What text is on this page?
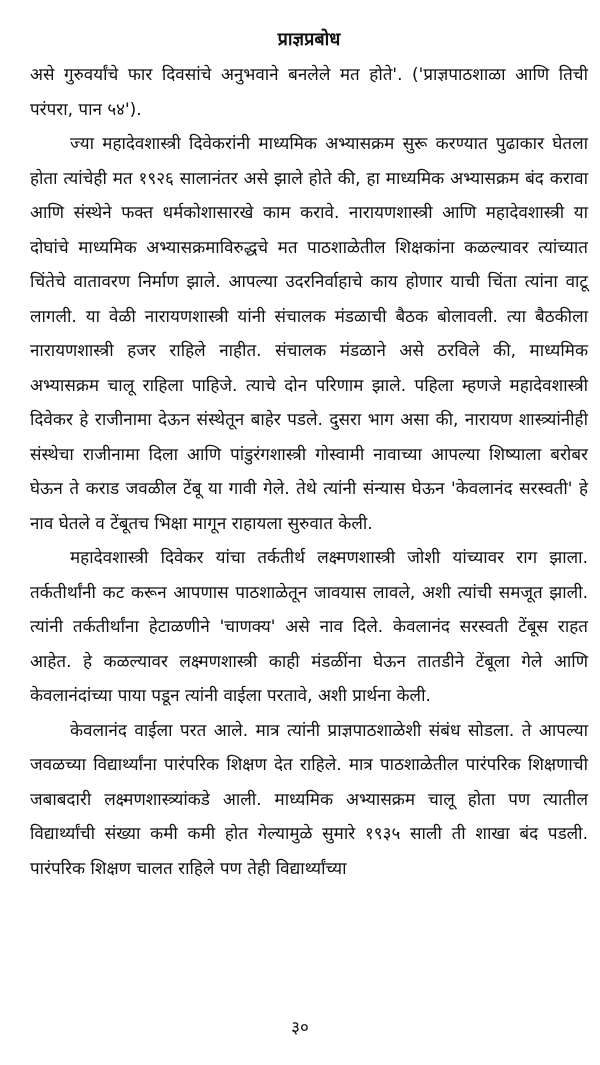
प्राज्ञप्रबोध

असे गुरुवर्यांचे फार दिवसांचे अनुभवाने बनलेले मत होते'. ('प्राज्ञपाठशाळा आणि तिची परंपरा, पान ५४').

ज्या महादेवशास्त्री दिवेकरांनी माध्यमिक अभ्यासक्रम सुरू करण्यात पुढाकार घेतला होता त्यांचेही मत १९२६ सालानंतर असे झाले होते की, हा माध्यमिक अभ्यासक्रम बंद करावा आणि संस्थेने फक्त धर्मकोशासारखे काम करावे. नारायणशास्त्री आणि महादेवशास्त्री या दोघांचे माध्यमिक अभ्यासक्रमाविरुद्धचे मत पाठशाळेतील शिक्षकांना कळल्यावर त्यांच्यात चिंतेचे वातावरण निर्माण झाले. आपल्या उदरनिर्वाहाचे काय होणार याची चिंता त्यांना वाटू लागली. या वेळी नारायणशास्त्री यांनी संचालक मंडळाची बैठक बोलावली. त्या बैठकीला नारायणशास्त्री हजर राहिले नाहीत. संचालक मंडळाने असे ठरविले की, माध्यमिक अभ्यासक्रम चालू राहिला पाहिजे. त्याचे दोन परिणाम झाले. पहिला म्हणजे महादेवशास्त्री दिवेकर हे राजीनामा देऊन संस्थेतून बाहेर पडले. दुसरा भाग असा की, नारायण शास्त्र्यांनीही संस्थेचा राजीनामा दिला आणि पांडुरंगशास्त्री गोस्वामी नावाच्या आपल्या शिष्याला बरोबर घेऊन ते कराड जवळील टेंबू या गावी गेले. तेथे त्यांनी संन्यास घेऊन 'केवलानंद सरस्वती' हे नाव घेतले व टेंबूतच भिक्षा मागून राहायला सुरुवात केली.

महादेवशास्त्री दिवेकर यांचा तर्कतीर्थ लक्ष्मणशास्त्री जोशी यांच्यावर राग झाला. तर्कतीर्थांनी कट करून आपणास पाठशाळेतून जावयास लावले, अशी त्यांची समजूत झाली. त्यांनी तर्कतीर्थांना हेटाळणीने 'चाणक्य' असे नाव दिले. केवलानंद सरस्वती टेंबूस राहत आहेत. हे कळल्यावर लक्ष्मणशास्त्री काही मंडळींना घेऊन तातडीने टेंबूला गेले आणि केवलानंदांच्या पाया पडून त्यांनी वाईला परतावे, अशी प्रार्थना केली.

केवलानंद वाईला परत आले. मात्र त्यांनी प्राज्ञपाठशाळेशी संबंध सोडला. ते आपल्या जवळच्या विद्यार्थ्यांना पारंपरिक शिक्षण देत राहिले. मात्र पाठशाळेतील पारंपरिक शिक्षणाची जबाबदारी लक्ष्मणशास्त्र्यांकडे आली. माध्यमिक अभ्यासक्रम चालू होता पण त्यातील विद्यार्थ्यांची संख्या कमी कमी होत गेल्यामुळे सुमारे १९३५ साली ती शाखा बंद पडली. पारंपरिक शिक्षण चालत राहिले पण तेही विद्यार्थ्यांच्या

३०
